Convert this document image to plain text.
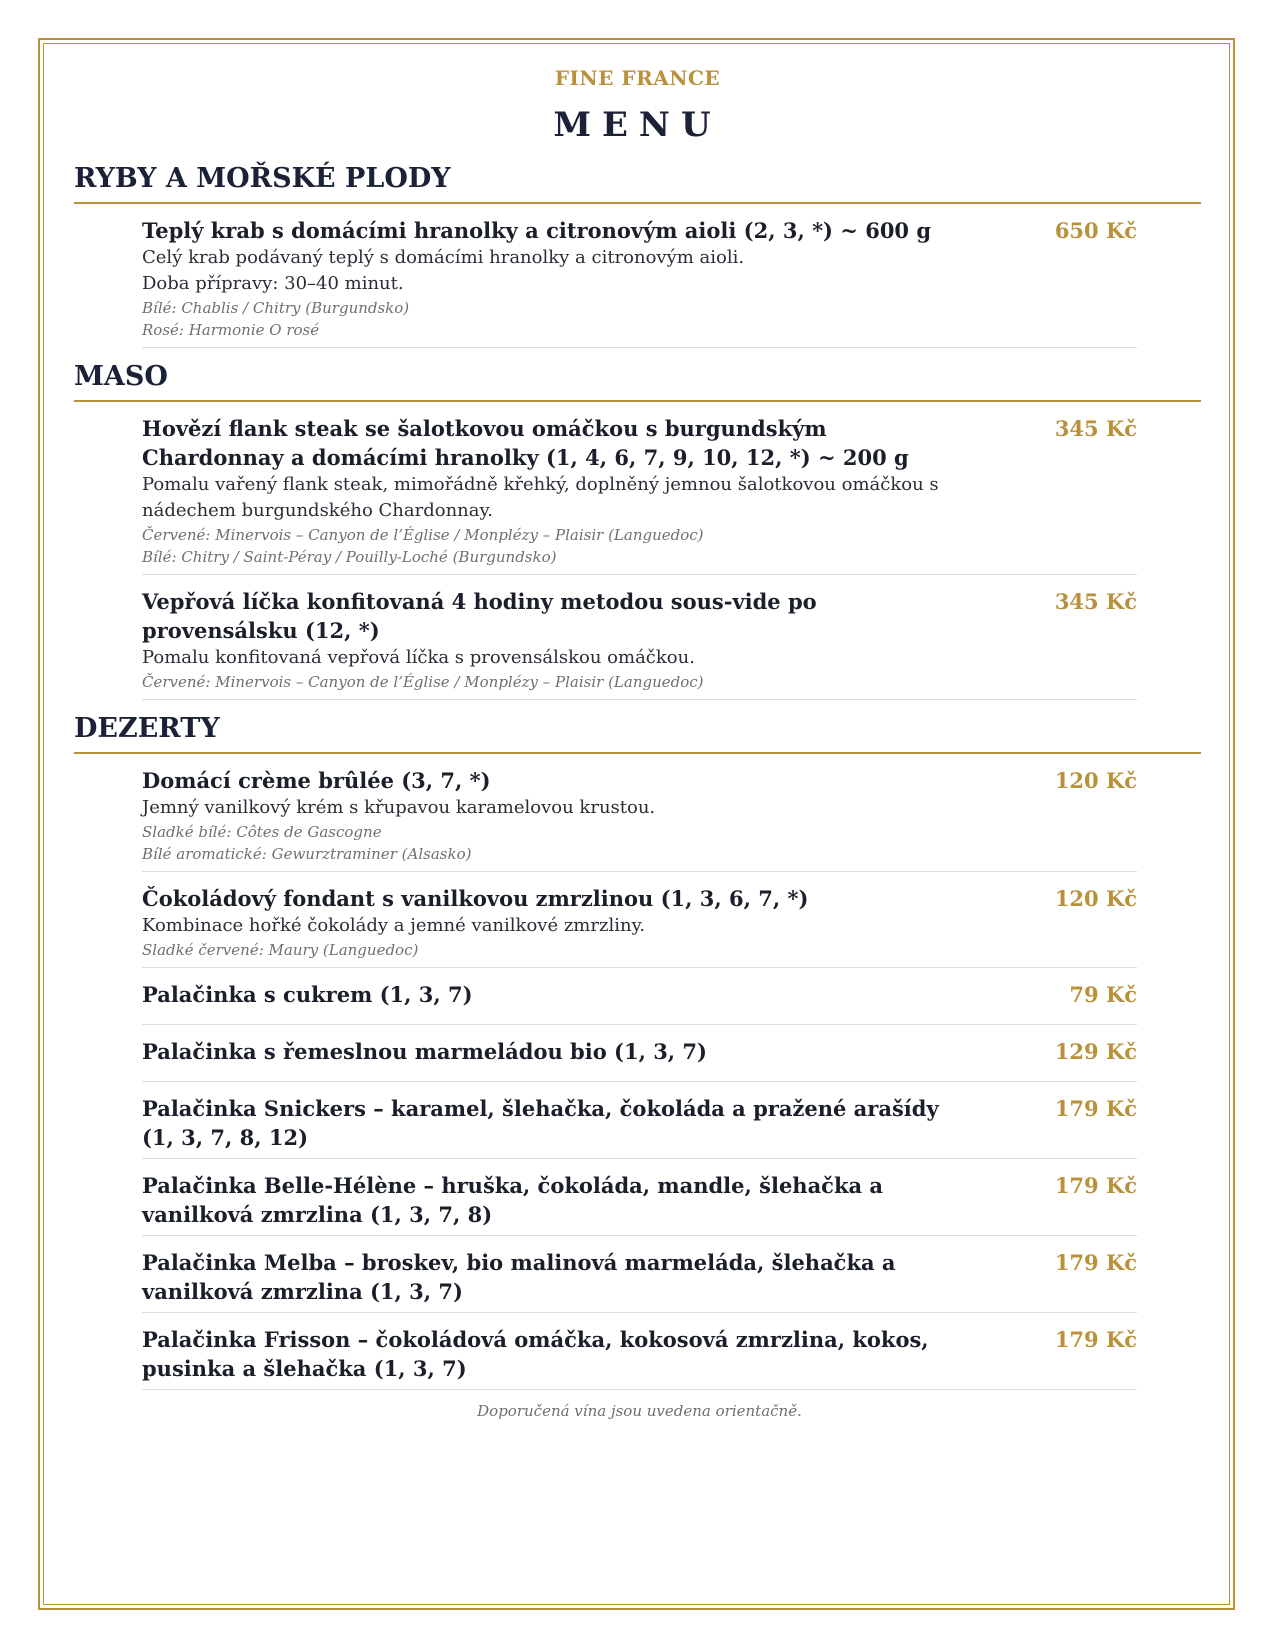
FINE FRANCE
MENU
RYBY A MOŘSKÉ PLODY
Teplý krab s domácími hranolky a citronovým aioli (2, 3, *) ~ 600 g
Celý krab podávaný teplý s domácími hranolky a citronovým aioli.
Doba přípravy: 30–40 minut.
Bílé: Chablis / Chitry (Burgundsko)
Rosé: Harmonie O rosé
650 Kč
MASO
Hovězí flank steak se šalotkovou omáčkou s burgundským Chardonnay a domácími hranolky (1, 4, 6, 7, 9, 10, 12, *) ~ 200 g
Pomalu vařený flank steak, mimořádně křehký, doplněný jemnou šalotkovou omáčkou s nádechem burgundského Chardonnay.
Červené: Minervois – Canyon de l’Église / Monplézy – Plaisir (Languedoc)
Bílé: Chitry / Saint-Péray / Pouilly-Loché (Burgundsko)
345 Kč
Vepřová líčka konfitovaná 4 hodiny metodou sous-vide po provensálsku (12, *)
Pomalu konfitovaná vepřová líčka s provensálskou omáčkou.
Červené: Minervois – Canyon de l’Église / Monplézy – Plaisir (Languedoc)
345 Kč
DEZERTY
Domácí crème brûlée (3, 7, *)
Jemný vanilkový krém s křupavou karamelovou krustou.
Sladké bílé: Côtes de Gascogne
Bílé aromatické: Gewurztraminer (Alsasko)
120 Kč
Čokoládový fondant s vanilkovou zmrzlinou (1, 3, 6, 7, *)
Kombinace hořké čokolády a jemné vanilkové zmrzliny.
Sladké červené: Maury (Languedoc)
120 Kč
Palačinka s cukrem (1, 3, 7)	79 Kč
Palačinka s řemeslnou marmeládou bio (1, 3, 7)	129 Kč
Palačinka Snickers – karamel, šlehačka, čokoláda a pražené arašídy (1, 3, 7, 8, 12)
179 Kč
Palačinka Belle-Hélène – hruška, čokoláda, mandle, šlehačka a vanilková zmrzlina (1, 3, 7, 8)
179 Kč
Palačinka Melba – broskev, bio malinová marmeláda, šlehačka a vanilková zmrzlina (1, 3, 7)
179 Kč
Palačinka Frisson – čokoládová omáčka, kokosová zmrzlina, kokos, pusinka a šlehačka (1, 3, 7)
179 Kč
Doporučená vína jsou uvedena orientačně.
